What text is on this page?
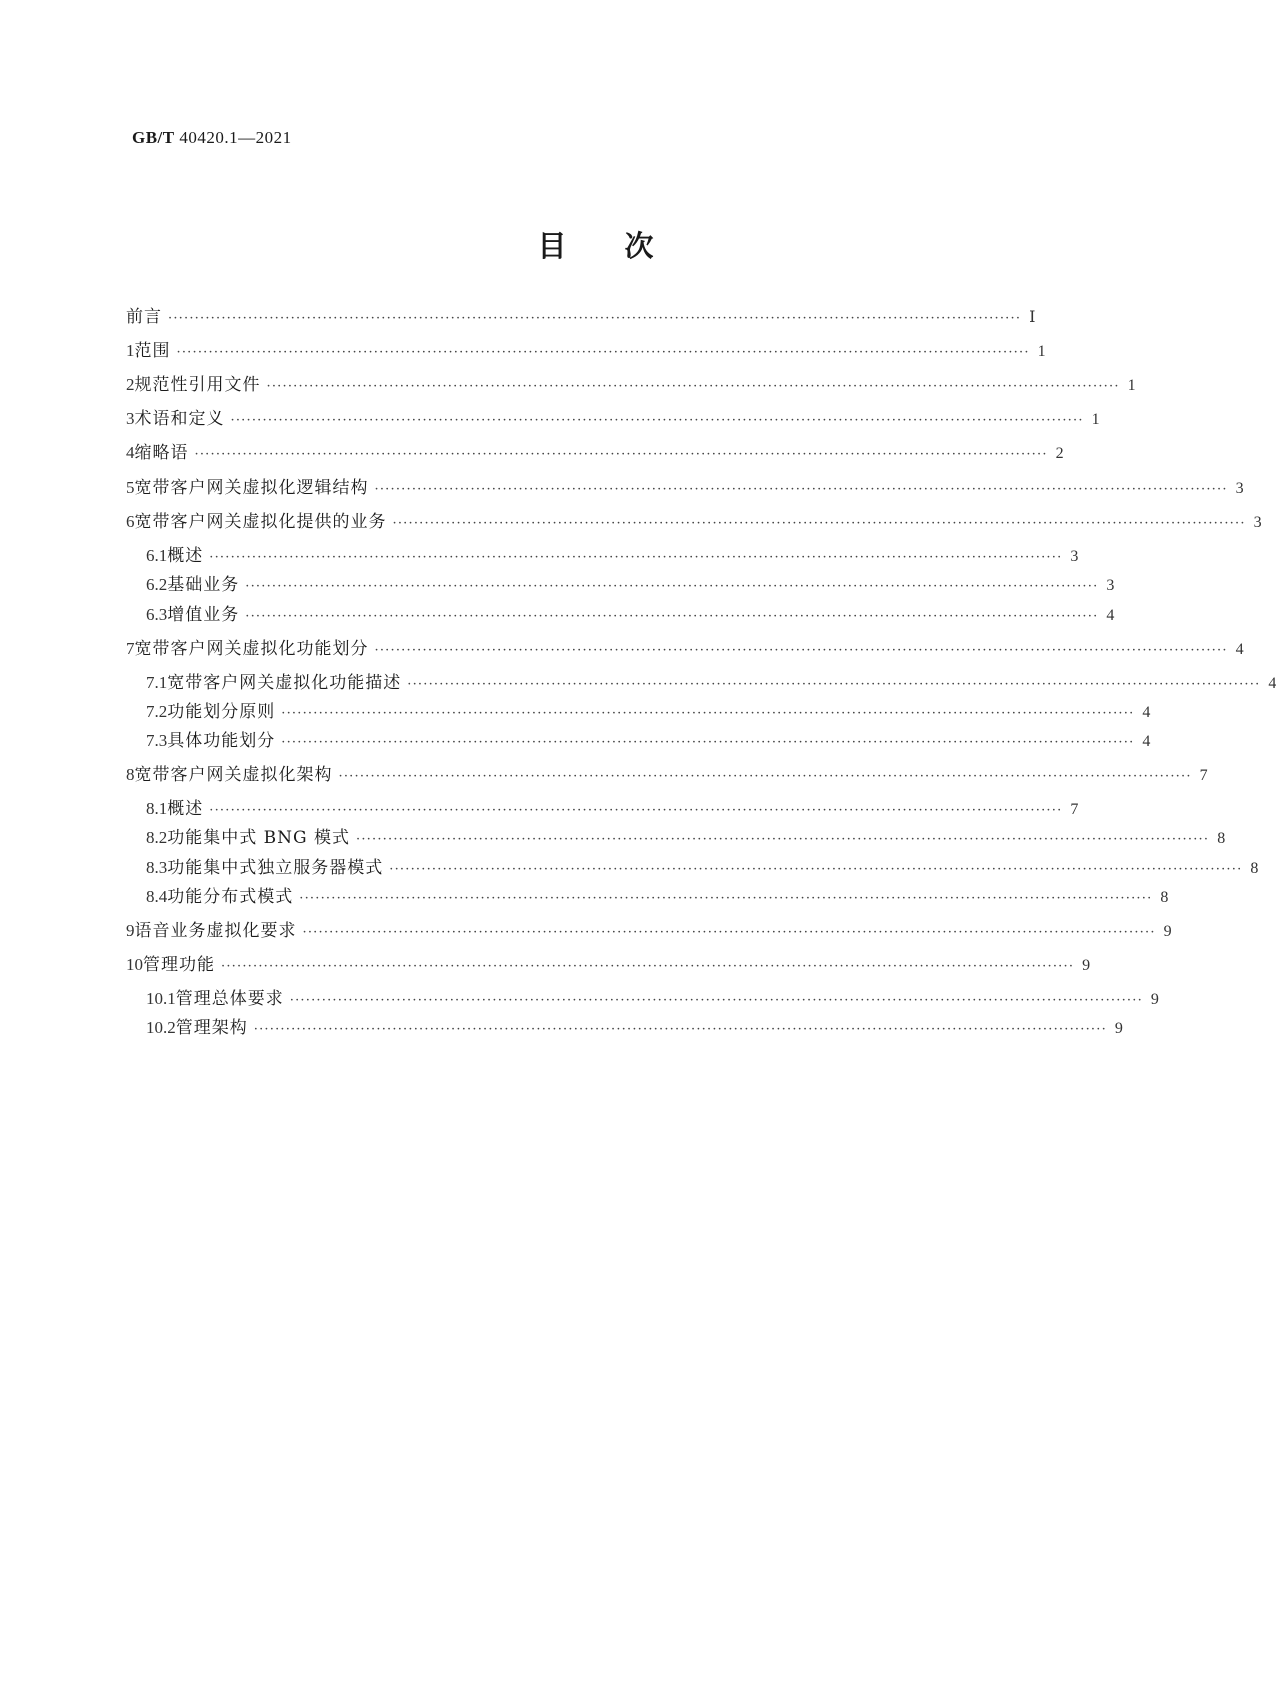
GB/T 40420.1—2021
目次
前言 ································································································································································ Ⅰ
1 范围 ································································································································································ 1
2 规范性引用文件 ································································································································································ 1
3 术语和定义 ································································································································································ 1
4 缩略语 ································································································································································ 2
5 宽带客户网关虚拟化逻辑结构 ································································································································································ 3
6 宽带客户网关虚拟化提供的业务 ································································································································································ 3
6.1 概述 ································································································································································ 3
6.2 基础业务 ································································································································································ 3
6.3 增值业务 ································································································································································ 4
7 宽带客户网关虚拟化功能划分 ································································································································································ 4
7.1 宽带客户网关虚拟化功能描述 ································································································································································ 4
7.2 功能划分原则 ································································································································································ 4
7.3 具体功能划分 ································································································································································ 4
8 宽带客户网关虚拟化架构 ································································································································································ 7
8.1 概述 ································································································································································ 7
8.2 功能集中式 BNG 模式 ································································································································································ 8
8.3 功能集中式独立服务器模式 ································································································································································ 8
8.4 功能分布式模式 ································································································································································ 8
9 语音业务虚拟化要求 ································································································································································ 9
10 管理功能 ································································································································································ 9
10.1 管理总体要求 ································································································································································ 9
10.2 管理架构 ································································································································································ 9
